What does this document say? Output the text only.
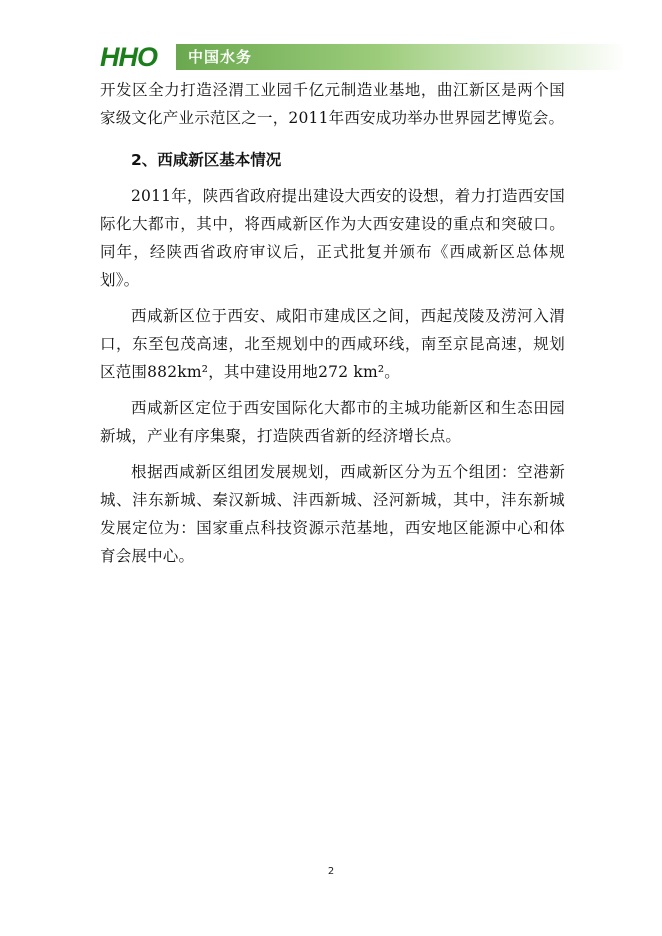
HHO 中国水务

开发区全力打造泾渭工业园千亿元制造业基地，曲江新区是两个国家级文化产业示范区之一，2011年西安成功举办世界园艺博览会。

2、西咸新区基本情况

2011年，陕西省政府提出建设大西安的设想，着力打造西安国际化大都市，其中，将西咸新区作为大西安建设的重点和突破口。同年，经陕西省政府审议后，正式批复并颁布《西咸新区总体规划》。

西咸新区位于西安、咸阳市建成区之间，西起茂陵及涝河入渭口，东至包茂高速，北至规划中的西咸环线，南至京昆高速，规划区范围882km²，其中建设用地272 km²。

西咸新区定位于西安国际化大都市的主城功能新区和生态田园新城，产业有序集聚，打造陕西省新的经济增长点。

根据西咸新区组团发展规划，西咸新区分为五个组团：空港新城、沣东新城、秦汉新城、沣西新城、泾河新城，其中，沣东新城发展定位为：国家重点科技资源示范基地，西安地区能源中心和体育会展中心。

2
